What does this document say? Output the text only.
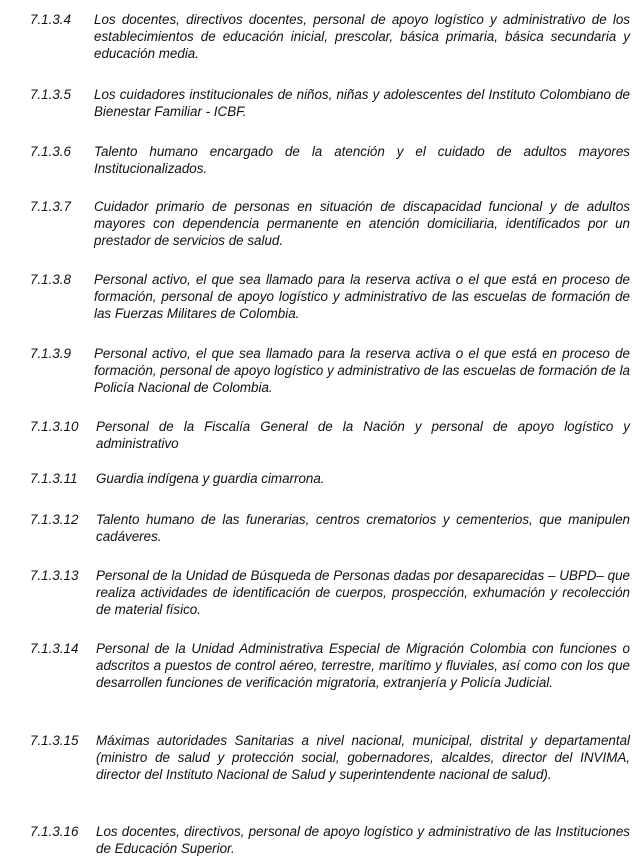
7.1.3.4	Los docentes, directivos docentes, personal de apoyo logístico y administrativo de los establecimientos de educación inicial, prescolar, básica primaria, básica secundaria y educación media.
7.1.3.5	Los cuidadores institucionales de niños, niñas y adolescentes del Instituto Colombiano de Bienestar Familiar - ICBF.
7.1.3.6	Talento humano encargado de la atención y el cuidado de adultos mayores Institucionalizados.
7.1.3.7	Cuidador primario de personas en situación de discapacidad funcional y de adultos mayores con dependencia permanente en atención domiciliaria, identificados por un prestador de servicios de salud.
7.1.3.8	Personal activo, el que sea llamado para la reserva activa o el que está en proceso de formación, personal de apoyo logístico y administrativo de las escuelas de formación de las Fuerzas Militares de Colombia.
7.1.3.9	Personal activo, el que sea llamado para la reserva activa o el que está en proceso de formación, personal de apoyo logístico y administrativo de las escuelas de formación de la Policía Nacional de Colombia.
7.1.3.10	Personal de la Fiscalía General de la Nación y personal de apoyo logístico y administrativo
7.1.3.11	Guardia indígena y guardia cimarrona.
7.1.3.12	Talento humano de las funerarias, centros crematorios y cementerios, que manipulen cadáveres.
7.1.3.13	Personal de la Unidad de Búsqueda de Personas dadas por desaparecidas – UBPD– que realiza actividades de identificación de cuerpos, prospección, exhumación y recolección de material físico.
7.1.3.14	Personal de la Unidad Administrativa Especial de Migración Colombia con funciones o adscritos a puestos de control aéreo, terrestre, marítimo y fluviales, así como con los que desarrollen funciones de verificación migratoria, extranjería y Policía Judicial.
7.1.3.15	Máximas autoridades Sanitarias a nivel nacional, municipal, distrital y departamental (ministro de salud y protección social, gobernadores, alcaldes, director del INVIMA, director del Instituto Nacional de Salud y superintendente nacional de salud).
7.1.3.16	Los docentes, directivos, personal de apoyo logístico y administrativo de las Instituciones de Educación Superior.
